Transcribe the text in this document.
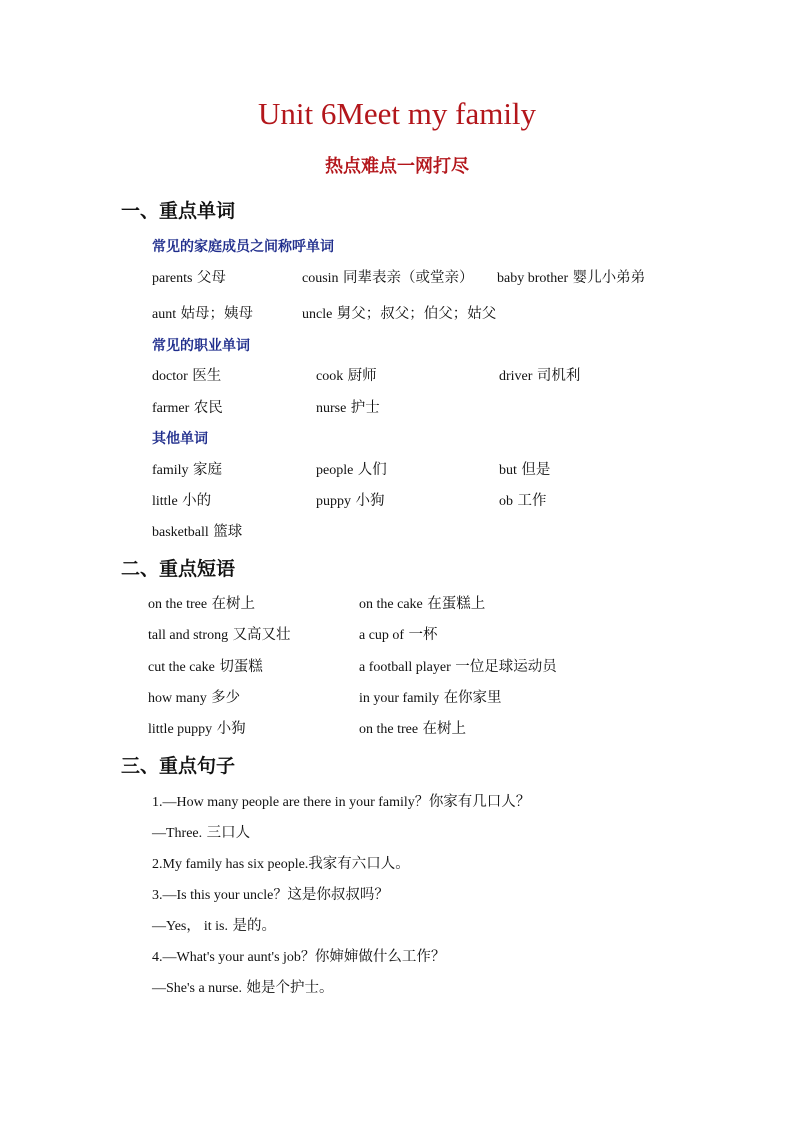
Unit 6Meet my family
热点难点一网打尽
一、重点单词
常见的家庭成员之间称呼单词
parents 父母	cousin 同辈表亲（或堂亲） baby brother 婴儿小弟弟
aunt 姑母；姨母	uncle 舅父；叔父；伯父；姑父
常见的职业单词
doctor 医生	cook 厨师	driver 司机利
farmer 农民	nurse 护士
其他单词
family 家庭	people 人们	but 但是
little 小的	puppy 小狗	ob 工作
basketball 篮球
二、重点短语
on the tree 在树上	on the cake 在蛋糕上
tall and strong 又高又壮	a cup of 一杯
cut the cake 切蛋糕	a football player 一位足球运动员
how many 多少	in your family 在你家里
little puppy 小狗	on the tree 在树上
三、重点句子
1.—How many people are there in your family？你家有几口人？
—Three. 三口人
2.My family has six people.我家有六口人。
3.—Is this your uncle？这是你叔叔吗？
—Yes， it is. 是的。
4.—What's your aunt's job？你婶婶做什么工作？
—She's a nurse. 她是个护士。
